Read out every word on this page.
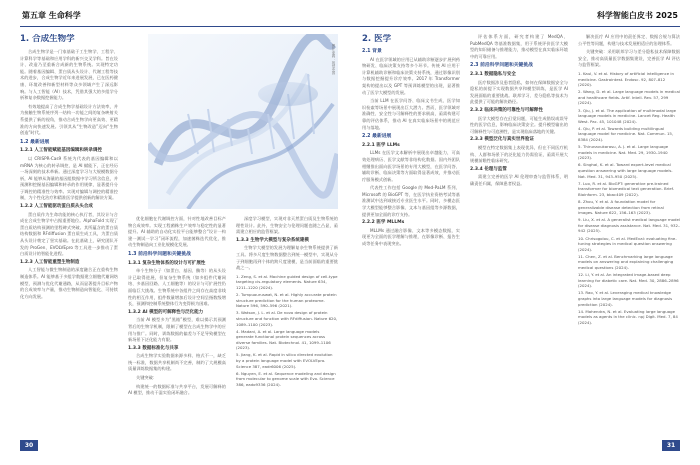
第五章 生命科学	科学智能白皮书 2025
1. 合成生物学
合成生物学是一门家基础于工生物学、工程学、计算科学等基础和应用学科的新兴交叉学科。旨在设计、改造乃至重新合成新的生物系统。实现特定功能。随着基因编辑、蛋白质从头设计、代谢工程等技术的进步，合成生物学近年来进展发展，已在医药健康、环境改善和新型材料等众多领域产生了深远影响。与人工智能（AI）技术，凭借其强大的多组学分析和复杂数据挖掘能力。
有效地提高了合成生物学基础设计方法效率，并为接触生物系统序列一结构一功能之间的复杂映射关系提供了新的视角，推动合成生物学向更高效、更精准的方向快速发展。引领其从“生物改造”迈向“生物创造”时代。
1.2 最新进展
1.2.1 人工智能赋能基因编辑和转录调控
以 CRISPR-Cas9 系统为代表的基因编辑和以 mRNA 为核心的转录调控，是 AI 赋能下，正在经历一场深刻的技术革新。通过深度学习与大规模数据分析，AI 能够从海量的基因组数据中学习所含信息，并预测和挖掘基因编辑和转录的作用规律，显著提升分子调控的精准性与效率。实现对编辑与调控的精准控制，为个性化治疗和精准医学提供创新的解决方案。
1.2.2 人工智能驱动蛋白质从头合成
蛋白质作为生命功能的核心执行者，其设计与合成在合成生物学中占据重要地位。AlphaFold 实现了蛋白质结构预测的里程碑式突破。其所蕴含的蛋白质结构数据和 RFdiffusion 蛋白质生成工具，为蛋白质从头设计奠定了坚实基础。在此基础上，研究团队开发的 ProGen、EVOLVEpro 等工具进一步推动了蛋白质设计的智能化进程。
1.2.3 人工智能重塑生物制造
人工智能与微生物制造的深度融合正在重构生物制造体系。AI 能够基于多组学数据建立细胞代谢网络模型，预测与优化代谢通路，从而显著提升目标产物的合成效率与产量，推动生物制造向智能化、可持续化方向发展。
图片来源：视觉中国
优化细胞在代谢调控方面，针对性地改善目标产物合成效率。实现工程菌株生产效率与稳定性的显著提升。AI 辅助的自动化实验平台能够整合“设计一构建一测试一学习”闭环流程，加速菌株迭代优化，推动生物制造向工业化规模化发展。
1.3 前沿科学问题和关键挑战
1.3.1 复杂生物体系的设计与可扩展性
单个生物分子（如蛋白、基因、酶等）的从头设计已取得进展，但复杂生物系统（如多组件代谢网络、多基因回路、人工细胞等）的设计与可扩展性仍面临巨大挑战。生物系统中各组件之间存在高度非线性的相互作用，组件数量增加后设计空间呈指数级增长，预测和控制系统整体行为变得极为困难。
1.3.2 AI 模型的可解释性与泛化能力
当前 AI 模型多为“黑箱”模型，难以揭示其预测背后的生物学机制，限制了模型在合成生物学中的应用与推广。同时，训练数据的偏差与不足导致模型在新场景下泛化能力有限。
1.3.3 数据标准化与共享
合成生物学实验数据来源多样、格式不一，缺乏统一标准，数据共享机制尚不完善，制约了大规模高质量训练数据集的构建。
关键突破：
构建统一的数据标准与共享平台，发展可解释的 AI 模型，推动干湿实验闭环融合。
深度学习模型，实现对非天然蛋白质及生物系统的理性设计。此外，生物安全与伦理问题也随之凸显，亟需建立相应的监管框架。
1.3.3 生物学大模型与复杂系统建模
生物学大模型的发展为理解复杂生物系统提供了新工具。将多尺度生物数据整合到统一模型中，实现从分子到细胞再到个体的跨尺度建模，是当前面临的重要挑战之一。
1. Zeng, S. et al. Machine guided design of cell-type targeting cis-regulatory elements. Nature 634, 1211–1220 (2024).
2. Tumpuouruswat, N. et al. Highly accurate protein structure prediction for the human proteome. Nature 596, 590–596 (2021).
3. Watson, J. L. et al. De novo design of protein structure and function with RFdiffusion. Nature 620, 1089–1100 (2023).
4. Madani, A. et al. Large language models generate functional protein sequences across diverse families. Nat. Biotechnol. 41, 1099–1106 (2023).
5. Jiang, K. et al. Rapid in silico directed evolution by a protein language model with EVOLVEpro. Science 387, eadr6006 (2025).
6. Nguyen, E. et al. Sequence modeling and design from molecular to genome scale with Evo. Science 386, eado9336 (2024).
2. 医学
2.1 背景
AI 在医学领域的应用已从辅助诊断逐步扩展到药物研发、临床决策支持等多个环节。传统 AI 应用于计算机辅助诊断和临床决策支持系统，通过影像识别与数据挖掘提升诊疗效率。2017 年 Transformer 架构的提出以及 GPT 等预训练模型的出现，显著推动了医学大模型的发展。
当前 LLM 在医学问答、临床文书生成、医学知识检索等场景中展现出巨大潜力。然而，医学领域对准确性、安全性与可解释性的要求极高，亟需构建可靠的评估体系，推动 AI 在真实临床场景中的规范应用与落地。
2.2 最新进展
2.2.1 医学 LLMs
LLMs 在医学文本解析中展现出卓越能力，可高效处理病历、医学文献等非结构化数据。国内外团队相继推出面向医学场景的专用大模型，在医学问答、辅助诊断、临床决策等方面取得显著成效，并推动医疗服务模式创新。
代表性工作包括 Google 的 Med-PaLM 系列、Microsoft 的 BioGPT 等，在医学执业资格考试等基准测试中达到或接近专业医生水平。同时，多模态医学大模型能够整合影像、文本与基因组等多源数据，提供更加全面的诊疗支持。
2.2.2 医学 MLLMs
MLLMs 通过融合影像、文本等多模态数据，实现更为全面的医学理解与推理，在影像诊断、报告生成等任务中表现突出。
评估体系方面，研究者构建了 MedQA、PubMedQA 等基准数据集，用于系统评价医学大模型的知识储备与推理能力，推动模型在真实临床环境中的可靠应用。
2.3 前沿科学问题和关键挑战
2.3.1 数据隐私与安全
医疗数据涉及患者隐私，如何在保障数据安全与隐私的前提下实现数据共享和模型训练，是医学 AI 发展面临的重要挑战。联邦学习、差分隐私等技术为此提供了可能的解决路径。
2.3.2 临床决策的可靠性与可解释性
医学大模型存在幻觉问题，可能生成错误或误导性的医学信息，影响临床决策安全。提升模型输出的可解释性与可追溯性，是实现临床落地的关键。
2.3.3 模型泛化与真实世界验证
模型在特定数据集上表现优异，但在不同医疗机构、人群和场景下的泛化能力仍需验证，亟需开展大规模前瞻性临床研究。
2.3.4 伦理与监管
需建立完善的医学 AI 伦理审查与监管体系，明确责任归属，保障患者权益。
解决医疗 AI 应用中的责任界定、数据合规与算法公平性等问题，构建与技术发展相适应的治理体系。
关键突破：采用联邦学习与差分隐私技术保障数据安全，推动高质量医学数据集建设，完善医学 AI 评估与监管框架。
1. Kaul, V. et al. History of artificial intelligence in medicine. Gastrointest. Endosc. 92, 807–812 (2020).
2. Wang, D. et al. Large language models in medical and healthcare fields. Artif. Intell. Rev. 57, 299 (2024).
3. Qiu, J. et al. The application of multimodal large language models in medicine. Lancet Reg. Health West. Pac. 45, 101048 (2024).
4. Qiu, P. et al. Towards building multilingual language model for medicine. Nat. Commun. 15, 8384 (2024).
5. Thirunavukarasu, A. J. et al. Large language models in medicine. Nat. Med. 29, 1930–1940 (2023).
6. Singhal, K. et al. Toward expert-level medical question answering with large language models. Nat. Med. 31, 943–950 (2025).
7. Luo, R. et al. BioGPT: generative pre-trained transformer for biomedical text generation. Brief. Bioinform. 23, bbac409 (2022).
8. Zhou, Y. et al. A foundation model for generalizable disease detection from retinal images. Nature 622, 156–163 (2023).
9. Liu, X. et al. A generalist medical language model for disease diagnosis assistance. Nat. Med. 31, 932–942 (2025).
10. Chrisogolou, C. et al. MedEval: evaluating fine-tuning strategies in medical question answering (2024).
11. Chen, Z. et al. Benchmarking large language models on answering and explaining challenging medical questions (2024).
12. Li, Y. et al. An integrated image-based deep learning for diabetic care. Nat. Med. 30, 2886–2896 (2024).
13. Rao, Y. et al. Leveraging medical knowledge graphs into large language models for diagnosis prediction (2024).
14. Mahendra, N. et al. Evaluating large language models as agents in the clinic. npj Digit. Med. 7, 84 (2024).
30	31
